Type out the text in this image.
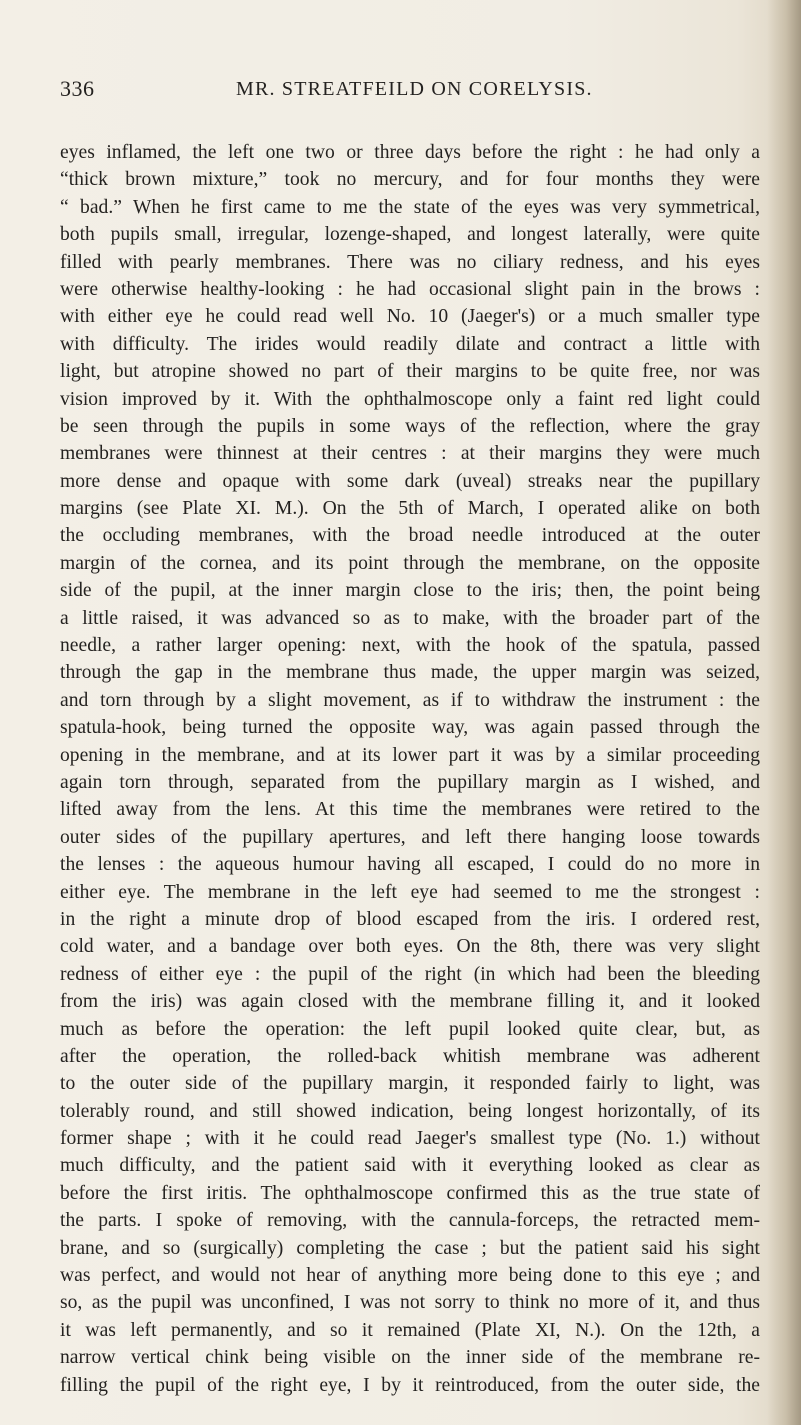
336	MR. STREATFEILD ON CORELYSIS.
eyes inflamed, the left one two or three days before the right : he had only a
“thick brown mixture,” took no mercury, and for four months they were
“ bad.” When he first came to me the state of the eyes was very symmetrical,
both pupils small, irregular, lozenge-shaped, and longest laterally, were quite
filled with pearly membranes. There was no ciliary redness, and his eyes
were otherwise healthy-looking : he had occasional slight pain in the brows :
with either eye he could read well No. 10 (Jaeger's) or a much smaller type
with difficulty. The irides would readily dilate and contract a little with
light, but atropine showed no part of their margins to be quite free, nor was
vision improved by it. With the ophthalmoscope only a faint red light could
be seen through the pupils in some ways of the reflection, where the gray
membranes were thinnest at their centres : at their margins they were much
more dense and opaque with some dark (uveal) streaks near the pupillary
margins (see Plate XI. M.). On the 5th of March, I operated alike on both
the occluding membranes, with the broad needle introduced at the outer
margin of the cornea, and its point through the membrane, on the opposite
side of the pupil, at the inner margin close to the iris; then, the point being
a little raised, it was advanced so as to make, with the broader part of the
needle, a rather larger opening: next, with the hook of the spatula, passed
through the gap in the membrane thus made, the upper margin was seized,
and torn through by a slight movement, as if to withdraw the instrument : the
spatula-hook, being turned the opposite way, was again passed through the
opening in the membrane, and at its lower part it was by a similar proceeding
again torn through, separated from the pupillary margin as I wished, and
lifted away from the lens. At this time the membranes were retired to the
outer sides of the pupillary apertures, and left there hanging loose towards
the lenses : the aqueous humour having all escaped, I could do no more in
either eye. The membrane in the left eye had seemed to me the strongest :
in the right a minute drop of blood escaped from the iris. I ordered rest,
cold water, and a bandage over both eyes. On the 8th, there was very slight
redness of either eye : the pupil of the right (in which had been the bleeding
from the iris) was again closed with the membrane filling it, and it looked
much as before the operation: the left pupil looked quite clear, but, as
after the operation, the rolled-back whitish membrane was adherent
to the outer side of the pupillary margin, it responded fairly to light, was
tolerably round, and still showed indication, being longest horizontally, of its
former shape ; with it he could read Jaeger's smallest type (No. 1.) without
much difficulty, and the patient said with it everything looked as clear as
before the first iritis. The ophthalmoscope confirmed this as the true state of
the parts. I spoke of removing, with the cannula-forceps, the retracted mem-
brane, and so (surgically) completing the case ; but the patient said his sight
was perfect, and would not hear of anything more being done to this eye ; and
so, as the pupil was unconfined, I was not sorry to think no more of it, and thus
it was left permanently, and so it remained (Plate XI, N.). On the 12th, a
narrow vertical chink being visible on the inner side of the membrane re-
filling the pupil of the right eye, I by it reintroduced, from the outer side, the
